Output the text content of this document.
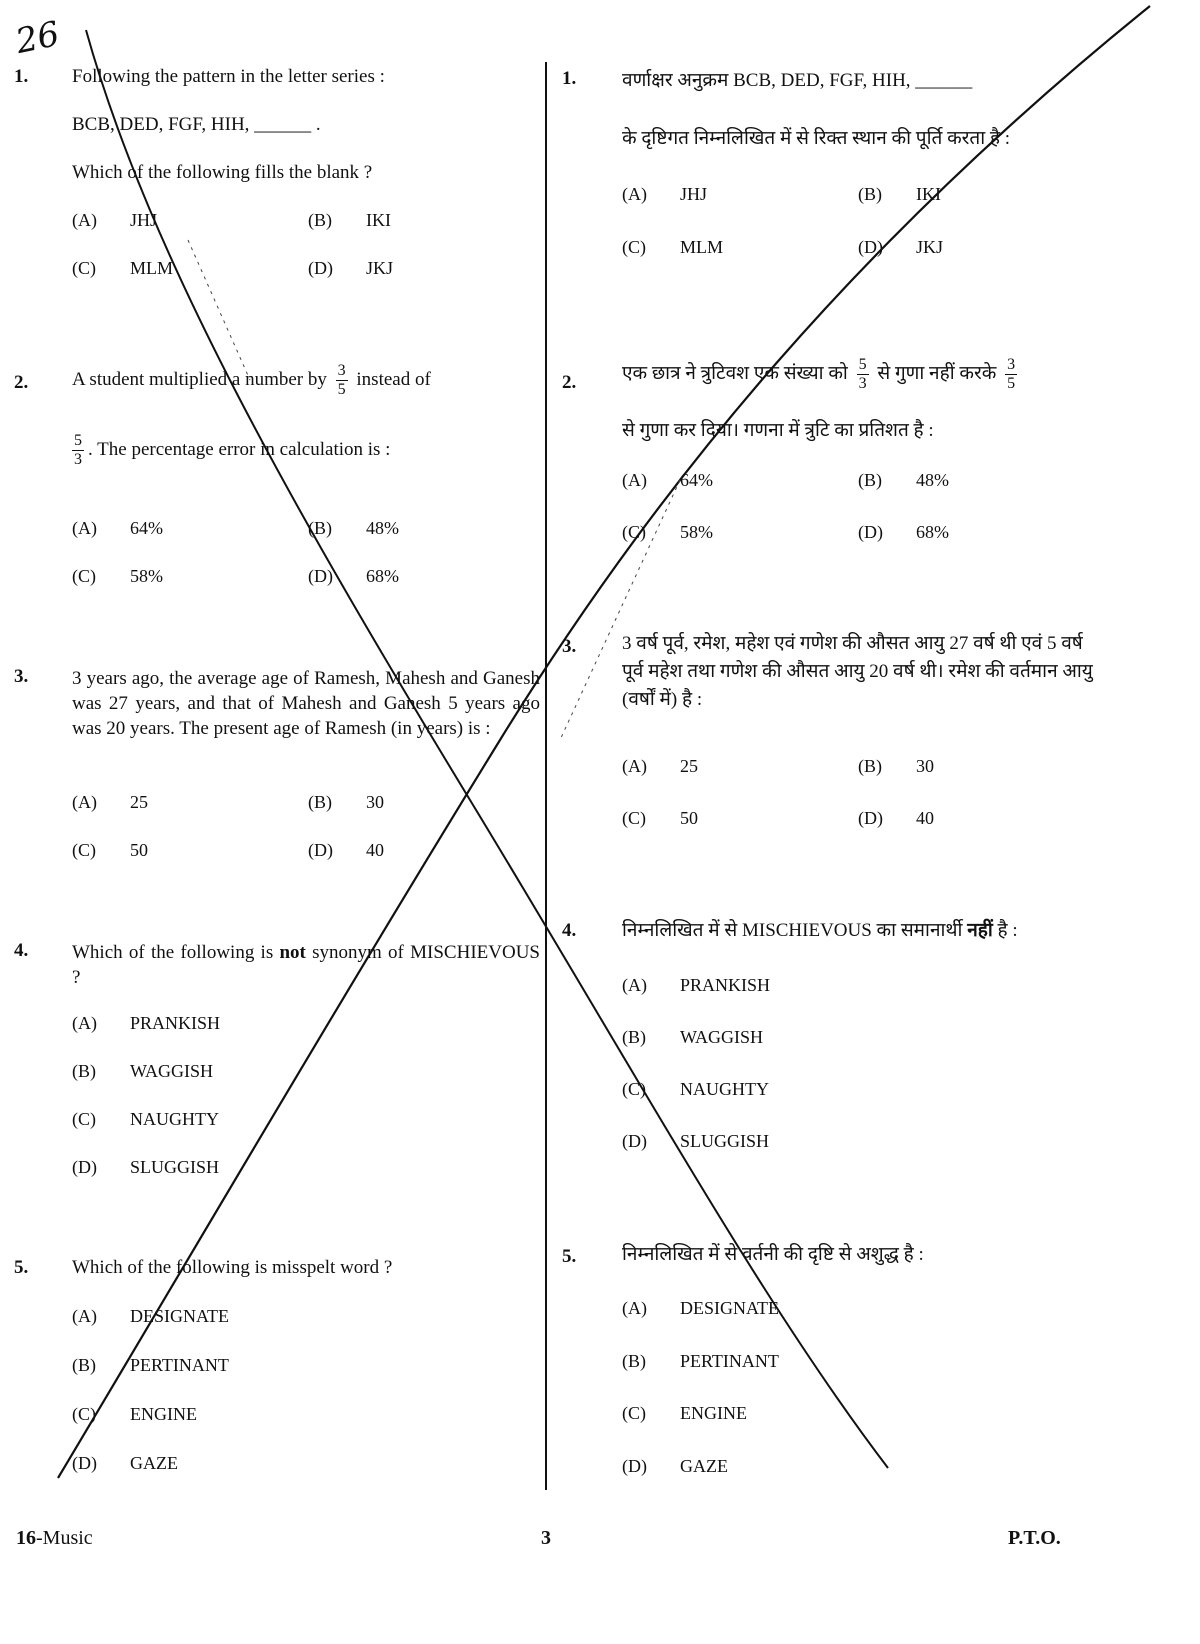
26
1. Following the pattern in the letter series :
BCB, DED, FGF, HIH, ______ .
Which of the following fills the blank ?
(A) JHJ	(B) IKI
(C) MLM	(D) JKJ
2. A student multiplied a number by $\frac{3}{5}$ instead of
$\frac{5}{3}$ . The percentage error in calculation is :
(A) 64%	(B) 48%
(C) 58%	(D) 68%
3. 3 years ago, the average age of Ramesh, Mahesh and Ganesh was 27 years, and that of Mahesh and Ganesh 5 years ago was 20 years. The present age of Ramesh (in years) is :
(A) 25	(B) 30
(C) 50	(D) 40
4. Which of the following is not synonym of MISCHIEVOUS ?
(A) PRANKISH
(B) WAGGISH
(C) NAUGHTY
(D) SLUGGISH
5. Which of the following is misspelt word ?
(A) DESIGNATE
(B) PERTINANT
(C) ENGINE
(D) GAZE
1. वर्णाक्षर अनुक्रम BCB, DED, FGF, HIH, ______
के दृष्टिगत निम्नलिखित में से रिक्त स्थान की पूर्ति करता है :
(A) JHJ	(B) IKI
(C) MLM	(D) JKJ
2. एक छात्र ने त्रुटिवश एक संख्या को $\frac{5}{3}$ से गुणा नहीं करके $\frac{3}{5}$
से गुणा कर दिया। गणना में त्रुटि का प्रतिशत है :
(A) 64%	(B) 48%
(C) 58%	(D) 68%
3. 3 वर्ष पूर्व, रमेश, महेश एवं गणेश की औसत आयु 27 वर्ष थी एवं 5 वर्ष पूर्व महेश तथा गणेश की औसत आयु 20 वर्ष थी। रमेश की वर्तमान आयु (वर्षों में) है :
(A) 25	(B) 30
(C) 50	(D) 40
4. निम्नलिखित में से MISCHIEVOUS का समानार्थी नहीं है :
(A) PRANKISH
(B) WAGGISH
(C) NAUGHTY
(D) SLUGGISH
5. निम्नलिखित में से वर्तनी की दृष्टि से अशुद्ध है :
(A) DESIGNATE
(B) PERTINANT
(C) ENGINE
(D) GAZE
16-Music	3	P.T.O.
